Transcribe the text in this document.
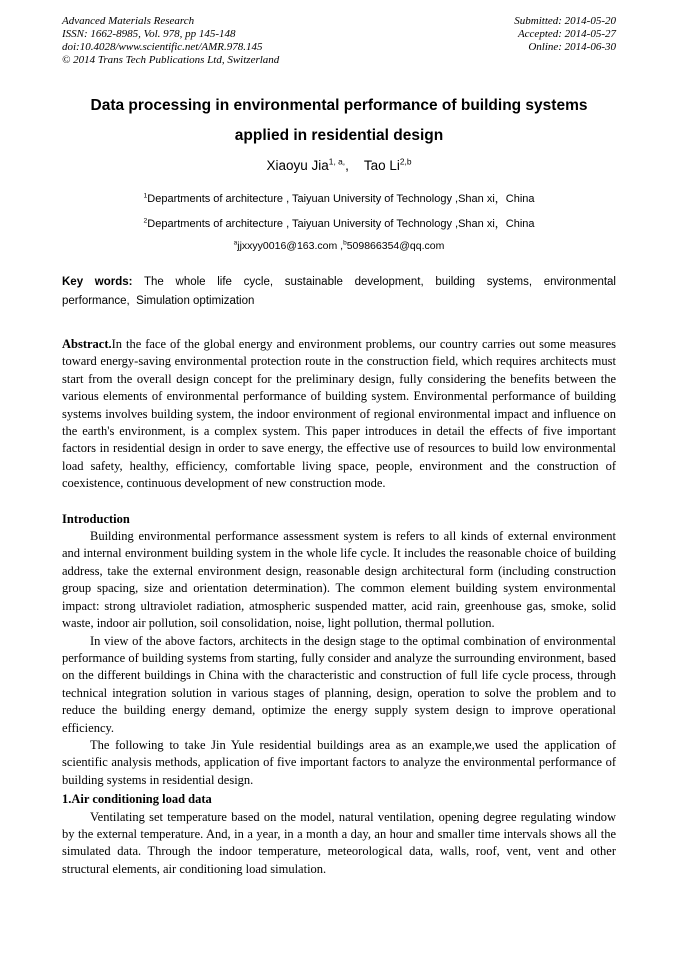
Advanced Materials Research
ISSN: 1662-8985, Vol. 978, pp 145-148
doi:10.4028/www.scientific.net/AMR.978.145
© 2014 Trans Tech Publications Ltd, Switzerland
Submitted: 2014-05-20
Accepted: 2014-05-27
Online: 2014-06-30
Data processing in environmental performance of building systems
applied in residential design
Xiaoyu Jia$^{1, a,}$,    Tao Li$^{2,b}$
$^1$Departments of architecture , Taiyuan University of Technology ,Shan xi，China
$^2$Departments of architecture , Taiyuan University of Technology ,Shan xi，China
$^a$jjxxyy0016@163.com ,$^b$509866354@qq.com

Key words: The whole life cycle, sustainable development, building systems, environmental performance,  Simulation optimization

Abstract.In the face of the global energy and environment problems, our country carries out some measures toward energy-saving environmental protection route in the construction field, which requires architects must start from the overall design concept for the preliminary design, fully considering the benefits between the various elements of environmental performance of building system. Environmental performance of building systems involves building system, the indoor environment of regional environmental impact and influence on the earth's environment, is a complex system. This paper introduces in detail the effects of five important factors in residential design in order to save energy, the effective use of resources to build low environmental load safety, healthy, efficiency, comfortable living space, people, environment and the construction of coexistence, continuous development of new construction mode.

Introduction

Building environmental performance assessment system is refers to all kinds of external environment and internal environment building system in the whole life cycle. It includes the reasonable choice of building address, take the external environment design, reasonable design architectural form (including construction group spacing, size and orientation determination). The common element building system environmental impact: strong ultraviolet radiation, atmospheric suspended matter, acid rain, greenhouse gas, smoke, solid waste, indoor air pollution, soil consolidation, noise, light pollution, thermal pollution.

In view of the above factors, architects in the design stage to the optimal combination of environmental performance of building systems from starting, fully consider and analyze the surrounding environment, based on the different buildings in China with the characteristic and construction of full life cycle process, through technical integration solution in various stages of planning, design, operation to solve the problem and to reduce the building energy demand, optimize the energy supply system design to improve operational efficiency.

The following to take Jin Yule residential buildings area as an example,we used the application of scientific analysis methods, application of five important factors to analyze the environmental performance of building systems in residential design.

1.Air conditioning load data

Ventilating set temperature based on the model, natural ventilation, opening degree regulating window by the external temperature. And, in a year, in a month a day, an hour and smaller time intervals shows all the simulated data. Through the indoor temperature, meteorological data, walls, roof, vent, vent and other structural elements, air conditioning load simulation.
